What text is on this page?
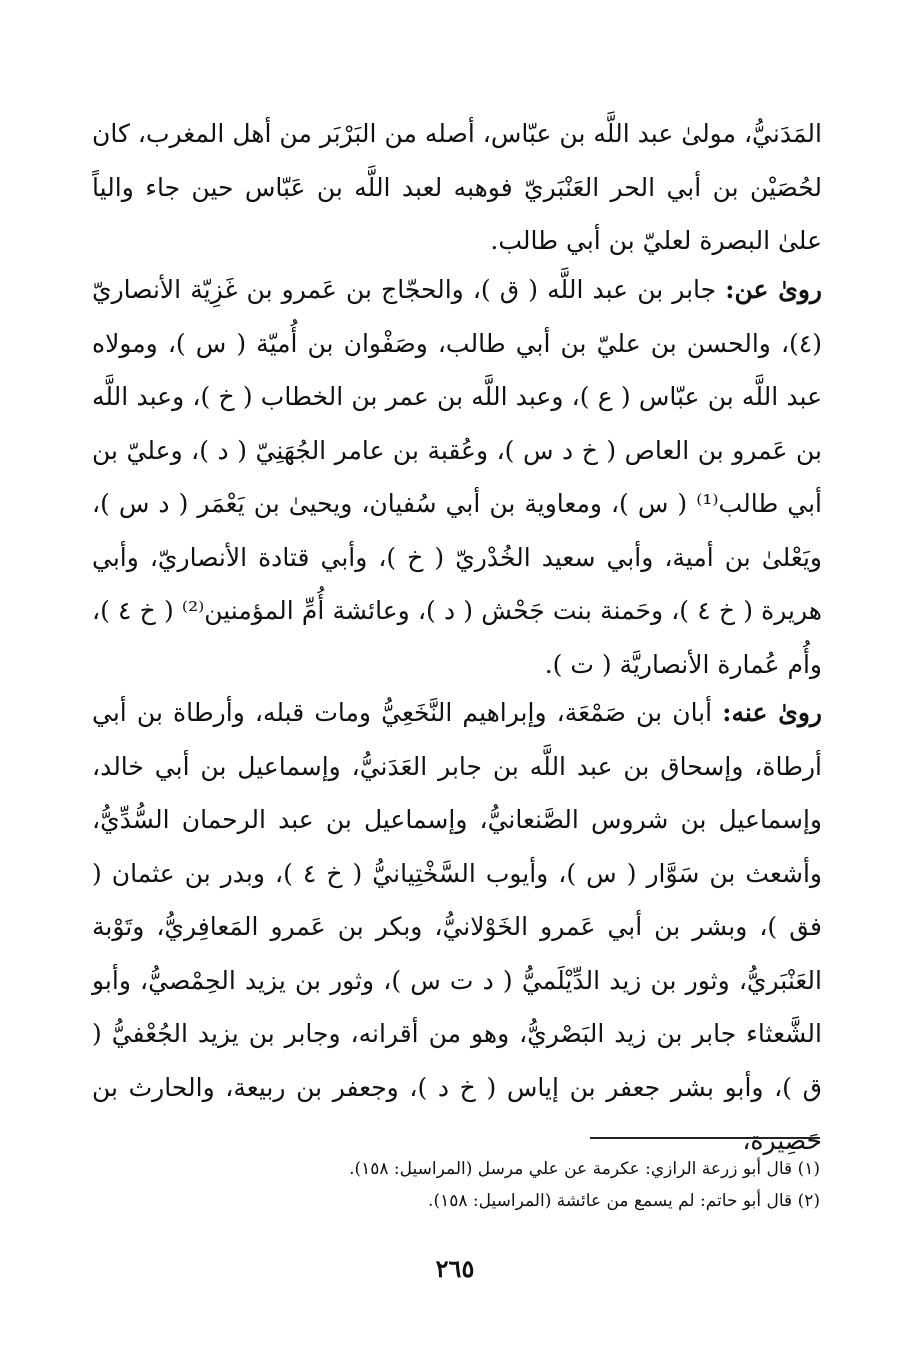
المَدَنيُّ، مولىٰ عبد اللَّه بن عبّاس، أصله من البَرْبَر من أهل المغرب، كان لحُصَيْن بن أبي الحر العَنْبَريّ فوهبه لعبد اللَّه بن عَبّاس حين جاء والياً علىٰ البصرة لعليّ بن أبي طالب.

روىٰ عن: جابر بن عبد اللَّه ( ق )، والحجّاج بن عَمرو بن غَزِيّة الأنصاريّ (٤)، والحسن بن عليّ بن أبي طالب، وصَفْوان بن أُميّة ( س )، ومولاه عبد اللَّه بن عبّاس ( ع )، وعبد اللَّه بن عمر بن الخطاب ( خ )، وعبد اللَّه بن عَمرو بن العاص ( خ د س )، وعُقبة بن عامر الجُهَنِيّ ( د )، وعليّ بن أبي طالب⁽¹⁾ ( س )، ومعاوية بن أبي سُفيان، ويحيىٰ بن يَعْمَر ( د س )، ويَعْلىٰ بن أمية، وأبي سعيد الخُدْريّ ( خ )، وأبي قتادة الأنصاريّ، وأبي هريرة ( خ ٤ )، وحَمنة بنت جَحْش ( د )، وعائشة أُمِّ المؤمنين⁽²⁾ ( خ ٤ )، وأُم عُمارة الأنصاريَّة ( ت ).

روىٰ عنه: أبان بن صَمْعَة، وإبراهيم النَّخَعِيُّ ومات قبله، وأرطاة بن أبي أرطاة، وإسحاق بن عبد اللَّه بن جابر العَدَنيُّ، وإسماعيل بن أبي خالد، وإسماعيل بن شروس الصَّنعانيُّ، وإسماعيل بن عبد الرحمان السُّدِّيُّ، وأشعث بن سَوَّار ( س )، وأيوب السَّخْتِيانيُّ ( خ ٤ )، وبدر بن عثمان ( فق )، وبشر بن أبي عَمرو الخَوْلانيُّ، وبكر بن عَمرو المَعافِريُّ، وتَوْبة العَنْبَريُّ، وثور بن زيد الدِّيْلَميُّ ( د ت س )، وثور بن يزيد الحِمْصيُّ، وأبو الشَّعثاء جابر بن زيد البَصْريُّ، وهو من أقرانه، وجابر بن يزيد الجُعْفيُّ ( ق )، وأبو بشر جعفر بن إياس ( خ د )، وجعفر بن ربيعة، والحارث بن حَصِيرة،

(١) قال أبو زرعة الرازي: عكرمة عن علي مرسل (المراسيل: ١٥٨).
(٢) قال أبو حاتم: لم يسمع من عائشة (المراسيل: ١٥٨).
٢٦٥
